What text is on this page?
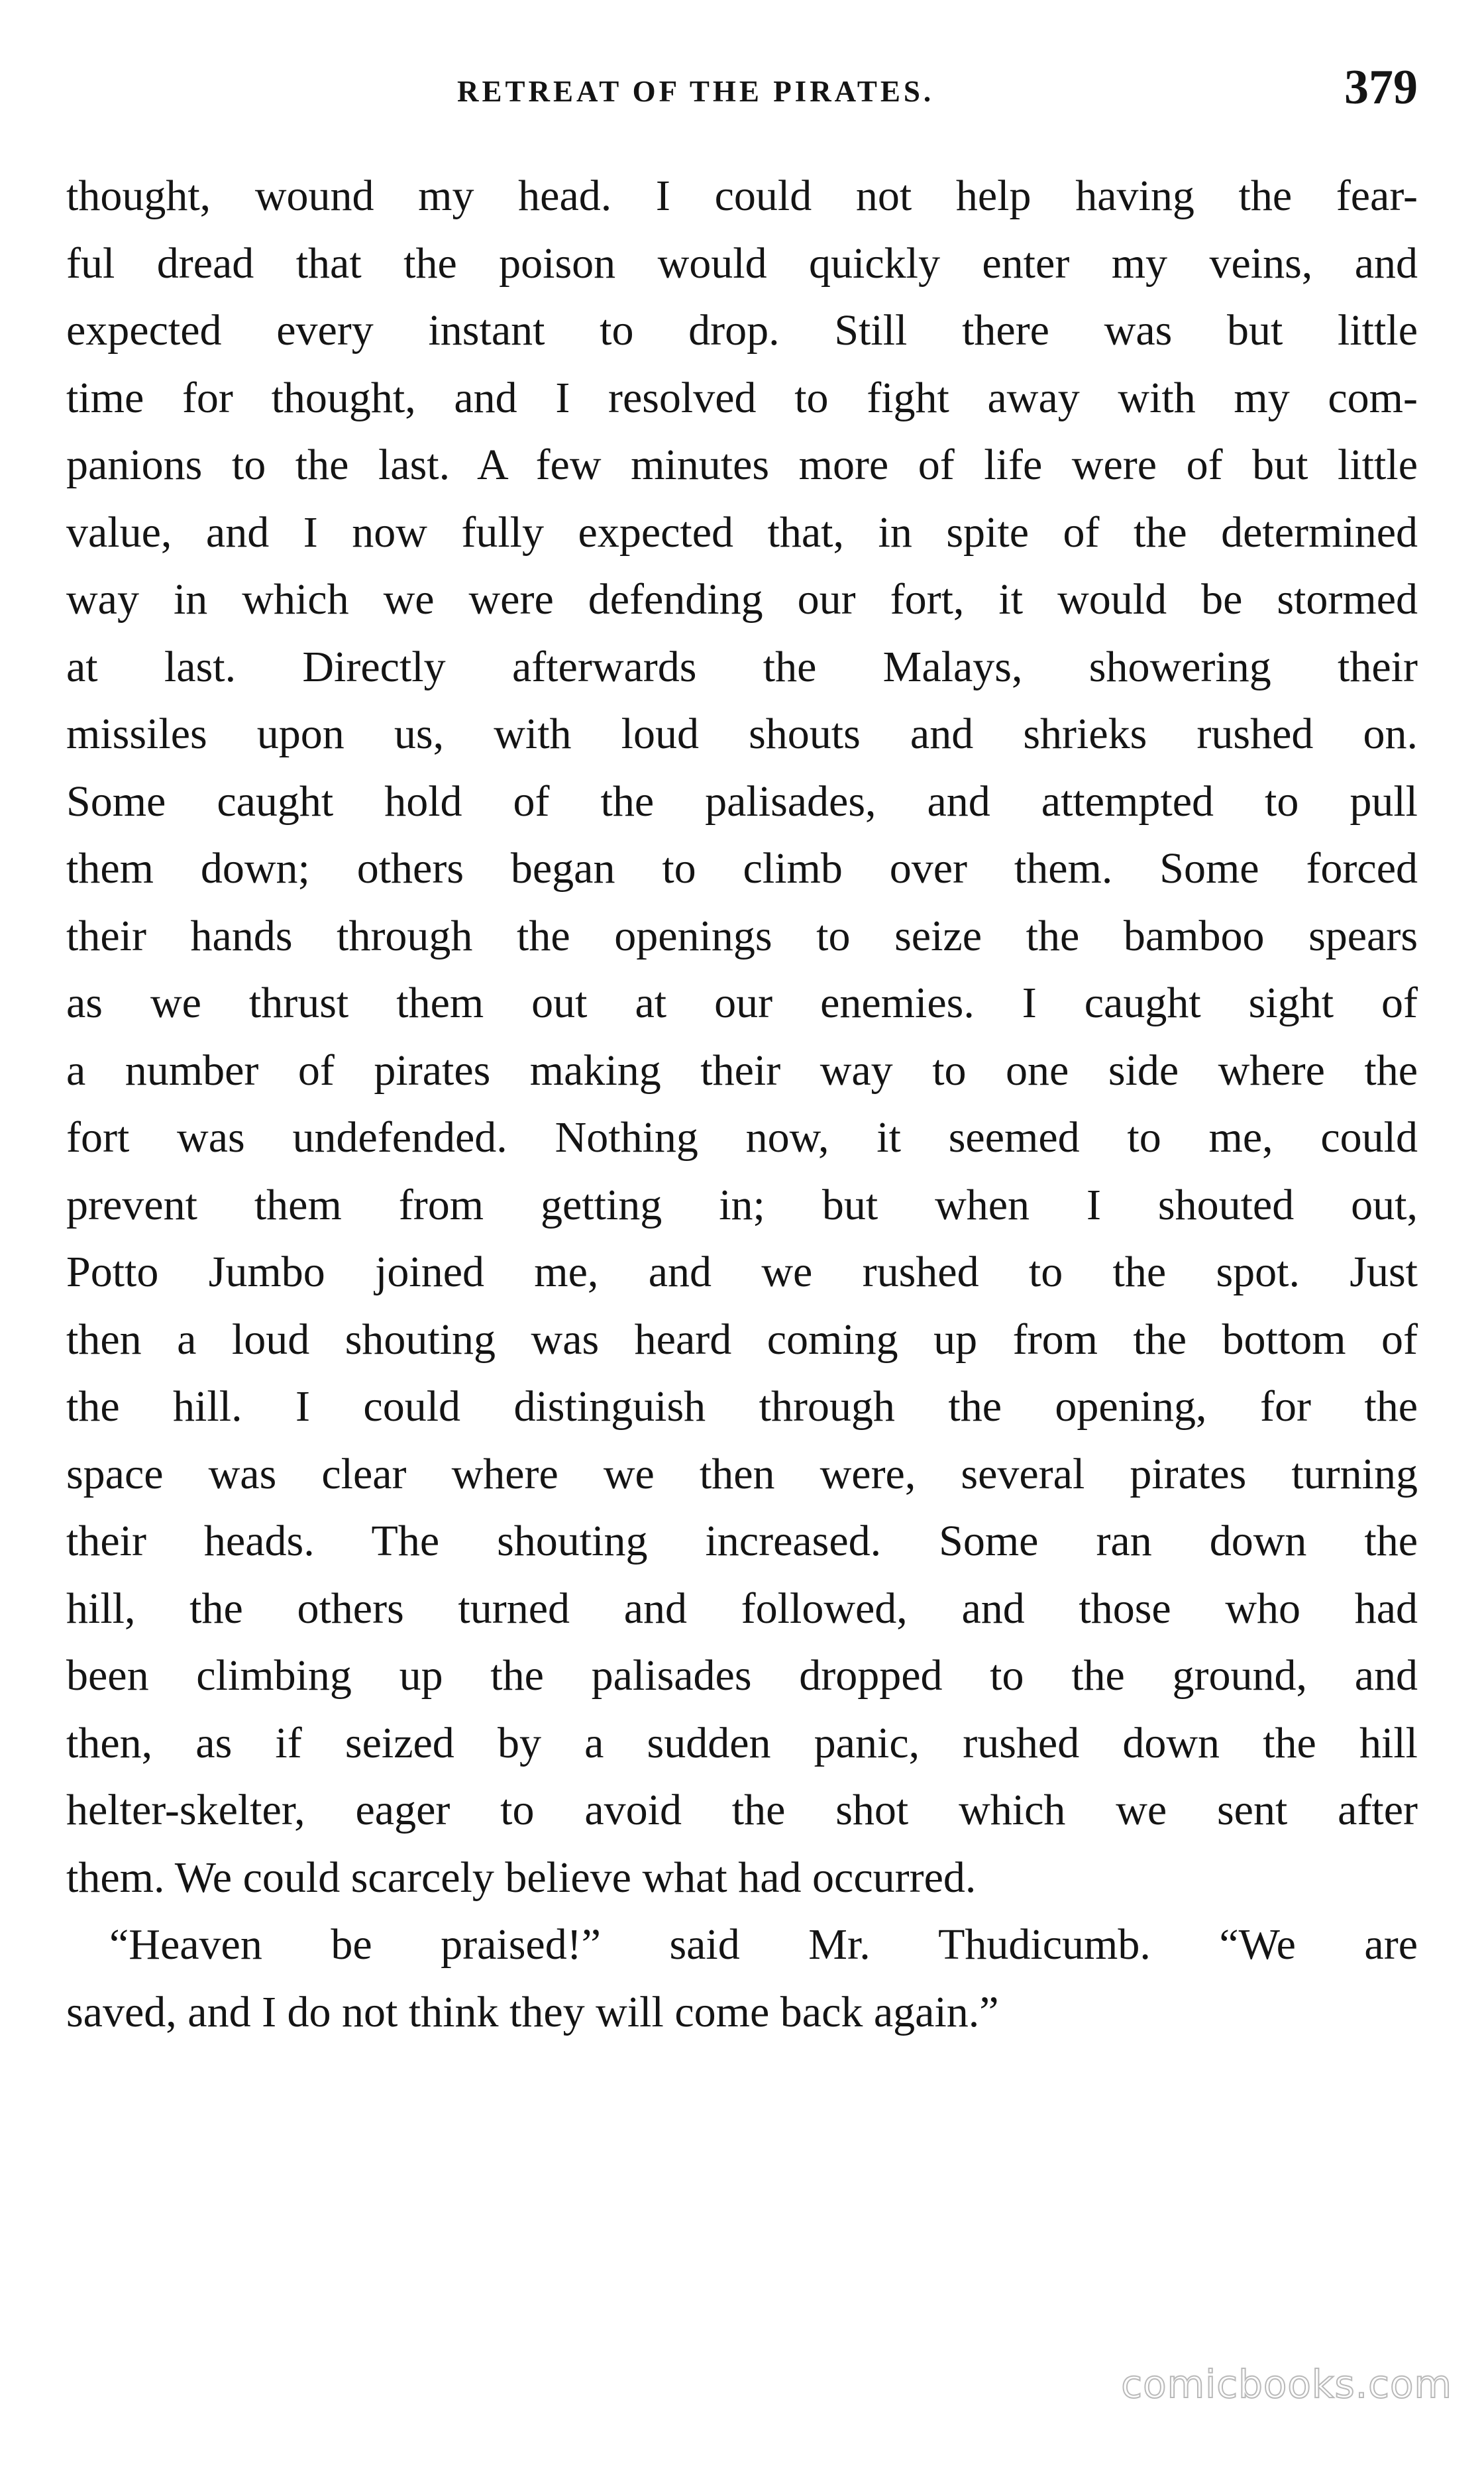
RETREAT OF THE PIRATES.	379
thought, wound my head. I could not help having the fear-
ful dread that the poison would quickly enter my veins, and
expected every instant to drop. Still there was but little
time for thought, and I resolved to fight away with my com-
panions to the last. A few minutes more of life were of but little
value, and I now fully expected that, in spite of the determined
way in which we were defending our fort, it would be stormed
at last. Directly afterwards the Malays, showering their
missiles upon us, with loud shouts and shrieks rushed on.
Some caught hold of the palisades, and attempted to pull
them down; others began to climb over them. Some forced
their hands through the openings to seize the bamboo spears
as we thrust them out at our enemies. I caught sight of
a number of pirates making their way to one side where the
fort was undefended. Nothing now, it seemed to me, could
prevent them from getting in; but when I shouted out,
Potto Jumbo joined me, and we rushed to the spot. Just
then a loud shouting was heard coming up from the bottom of
the hill. I could distinguish through the opening, for the
space was clear where we then were, several pirates turning
their heads. The shouting increased. Some ran down the
hill, the others turned and followed, and those who had
been climbing up the palisades dropped to the ground, and
then, as if seized by a sudden panic, rushed down the hill
helter-skelter, eager to avoid the shot which we sent after
them. We could scarcely believe what had occurred.
“Heaven be praised!” said Mr. Thudicumb. “We are
saved, and I do not think they will come back again.”
comicbooks.com
